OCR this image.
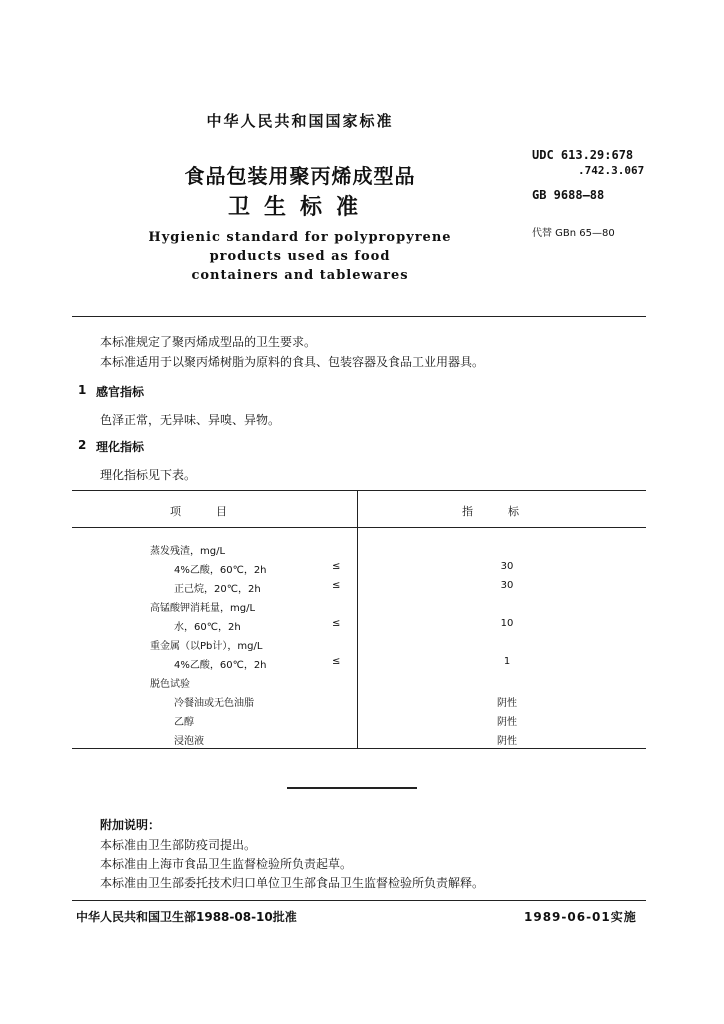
中华人民共和国国家标准
食品包装用聚丙烯成型品
卫生标准
Hygienic standard for polypropyrene
products used as food
containers and tablewares
UDC 613.29:678
.742.3.067
GB 9688—88
代替 GBn 65—80
本标准规定了聚丙烯成型品的卫生要求。
本标准适用于以聚丙烯树脂为原料的食具、包装容器及食品工业用器具。
1 感官指标
色泽正常，无异味、异嗅、异物。
2 理化指标
理化指标见下表。
项          目	指          标
蒸发残渣，mg/L
4%乙酸，60℃，2h	≤	30
正己烷，20℃，2h	≤	30
高锰酸钾消耗量，mg/L
水，60℃，2h	≤	10
重金属（以Pb计），mg/L
4%乙酸，60℃，2h	≤	1
脱色试验
冷餐油或无色油脂	阴性
乙醇	阴性
浸泡液	阴性
附加说明：
本标准由卫生部防疫司提出。
本标准由上海市食品卫生监督检验所负责起草。
本标准由卫生部委托技术归口单位卫生部食品卫生监督检验所负责解释。
中华人民共和国卫生部1988-08-10批准	1989-06-01实施
